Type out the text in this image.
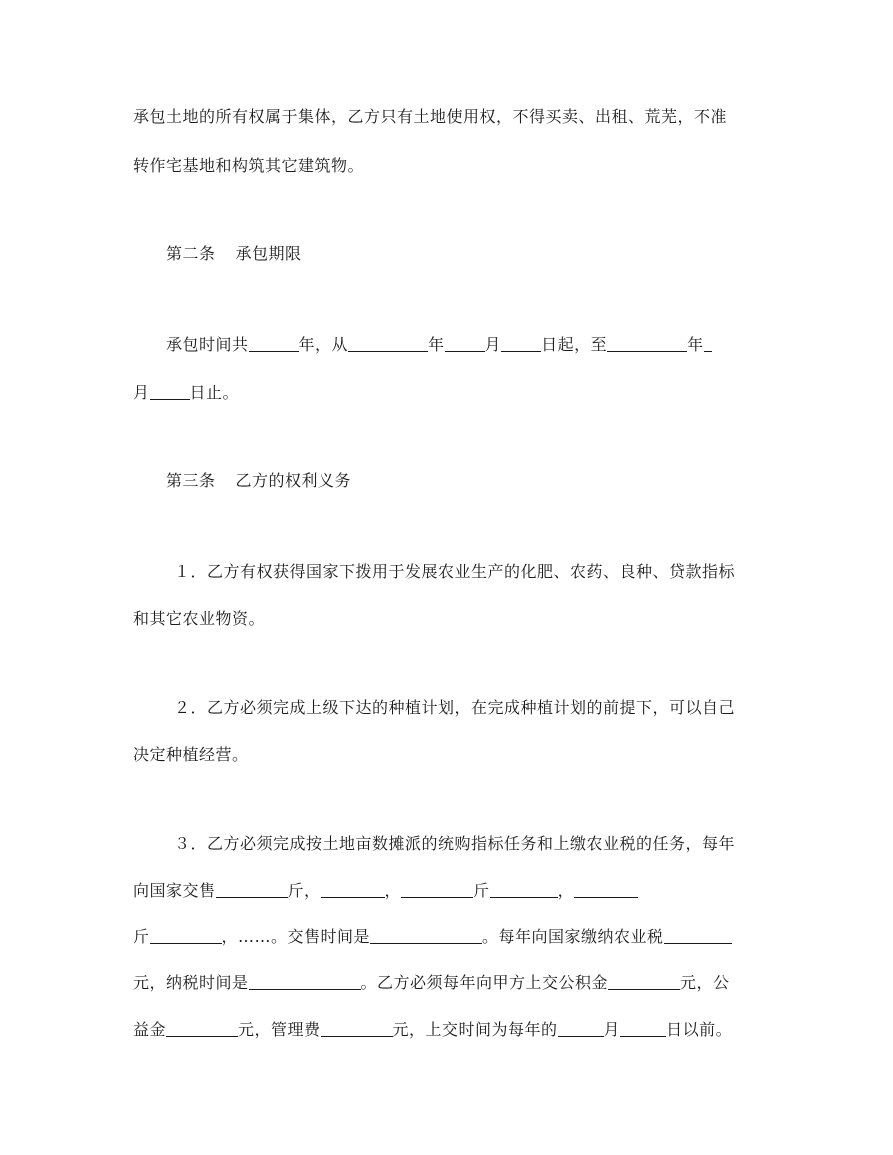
承包土地的所有权属于集体，乙方只有土地使用权，不得买卖、出租、荒芜，不准
转作宅基地和构筑其它建筑物。
第二条 承包期限
承包时间共	年，从	年	月	日起，至	年
月	日止。
第三条 乙方的权利义务
１．乙方有权获得国家下拨用于发展农业生产的化肥、农药、良种、贷款指标
和其它农业物资。
２．乙方必须完成上级下达的种植计划，在完成种植计划的前提下，可以自己
决定种植经营。
３．乙方必须完成按土地亩数摊派的统购指标任务和上缴农业税的任务，每年
向国家交售	斤，	，	斤	，
斤	，……。交售时间是	。每年向国家缴纳农业税
元，纳税时间是	。乙方必须每年向甲方上交公积金	元，公
益金	元，管理费	元，上交时间为每年的	月	日以前。
